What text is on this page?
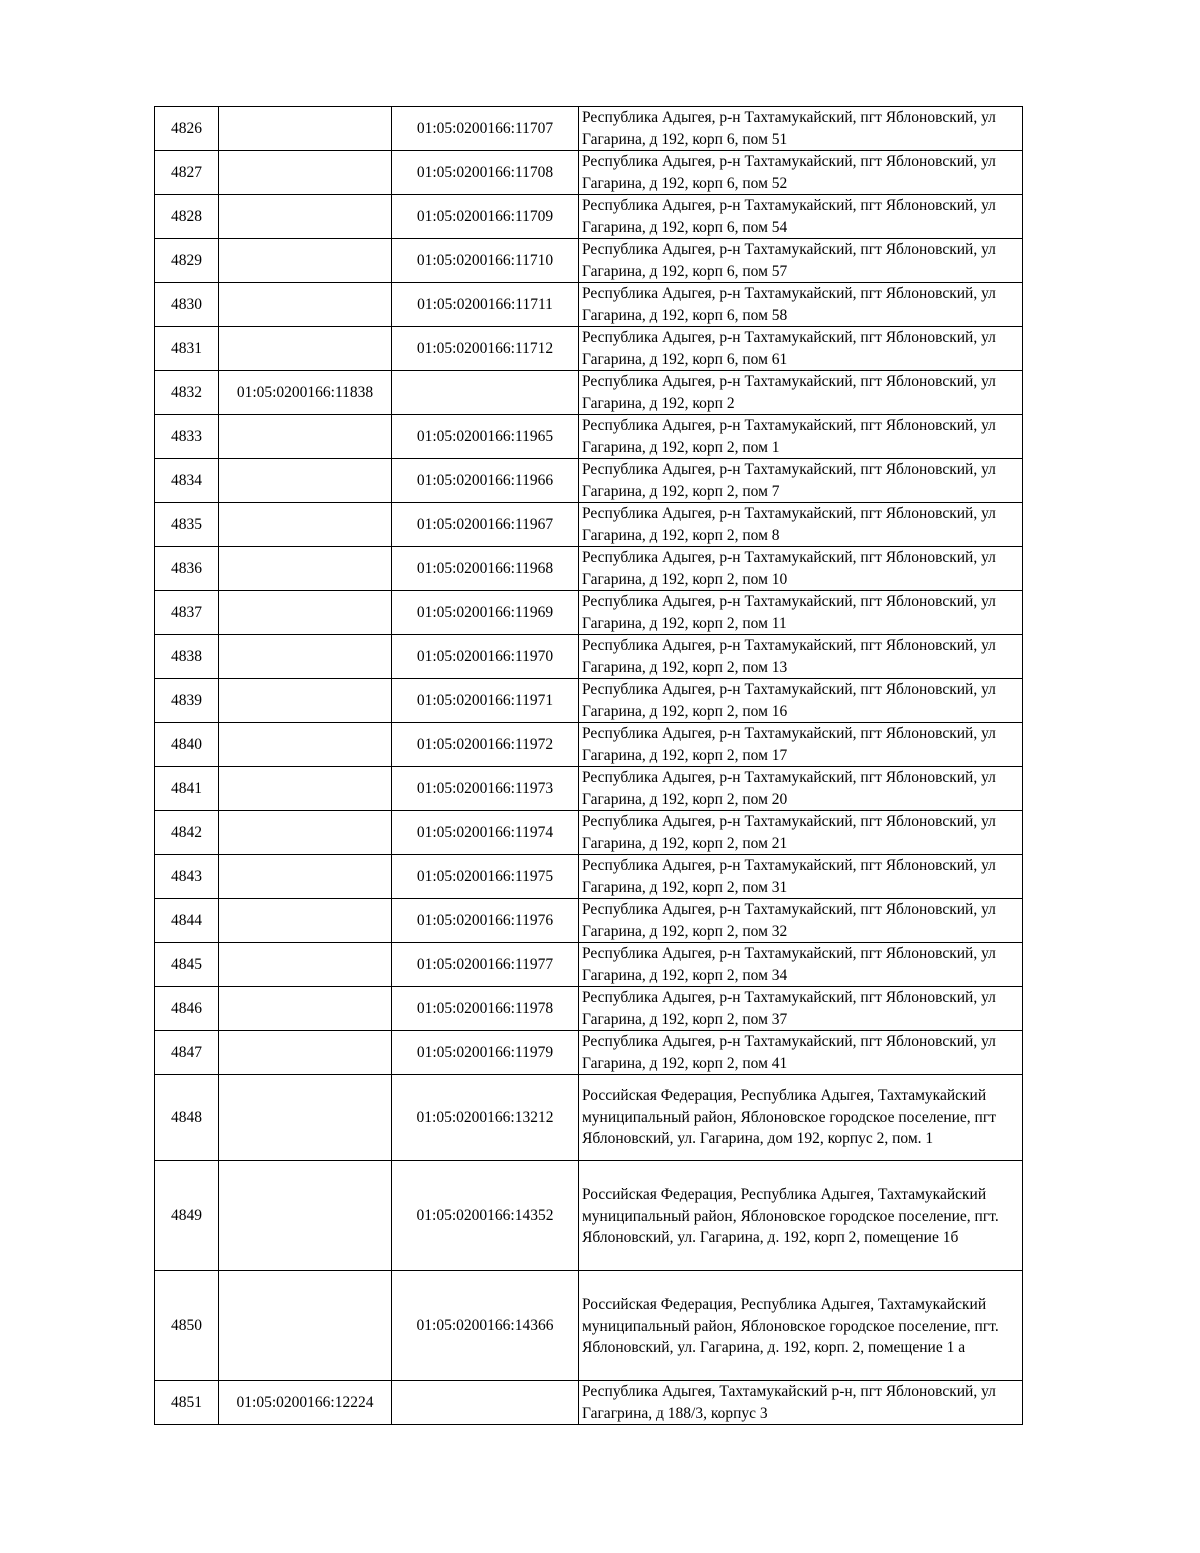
4826		01:05:0200166:11707	Республика Адыгея, р-н Тахтамукайский, пгт Яблоновский, ул Гагарина, д 192, корп 6, пом 51
4827		01:05:0200166:11708	Республика Адыгея, р-н Тахтамукайский, пгт Яблоновский, ул Гагарина, д 192, корп 6, пом 52
4828		01:05:0200166:11709	Республика Адыгея, р-н Тахтамукайский, пгт Яблоновский, ул Гагарина, д 192, корп 6, пом 54
4829		01:05:0200166:11710	Республика Адыгея, р-н Тахтамукайский, пгт Яблоновский, ул Гагарина, д 192, корп 6, пом 57
4830		01:05:0200166:11711	Республика Адыгея, р-н Тахтамукайский, пгт Яблоновский, ул Гагарина, д 192, корп 6, пом 58
4831		01:05:0200166:11712	Республика Адыгея, р-н Тахтамукайский, пгт Яблоновский, ул Гагарина, д 192, корп 6, пом 61
4832	01:05:0200166:11838		Республика Адыгея, р-н Тахтамукайский, пгт Яблоновский, ул Гагарина, д 192, корп 2
4833		01:05:0200166:11965	Республика Адыгея, р-н Тахтамукайский, пгт Яблоновский, ул Гагарина, д 192, корп 2, пом 1
4834		01:05:0200166:11966	Республика Адыгея, р-н Тахтамукайский, пгт Яблоновский, ул Гагарина, д 192, корп 2, пом 7
4835		01:05:0200166:11967	Республика Адыгея, р-н Тахтамукайский, пгт Яблоновский, ул Гагарина, д 192, корп 2, пом 8
4836		01:05:0200166:11968	Республика Адыгея, р-н Тахтамукайский, пгт Яблоновский, ул Гагарина, д 192, корп 2, пом 10
4837		01:05:0200166:11969	Республика Адыгея, р-н Тахтамукайский, пгт Яблоновский, ул Гагарина, д 192, корп 2, пом 11
4838		01:05:0200166:11970	Республика Адыгея, р-н Тахтамукайский, пгт Яблоновский, ул Гагарина, д 192, корп 2, пом 13
4839		01:05:0200166:11971	Республика Адыгея, р-н Тахтамукайский, пгт Яблоновский, ул Гагарина, д 192, корп 2, пом 16
4840		01:05:0200166:11972	Республика Адыгея, р-н Тахтамукайский, пгт Яблоновский, ул Гагарина, д 192, корп 2, пом 17
4841		01:05:0200166:11973	Республика Адыгея, р-н Тахтамукайский, пгт Яблоновский, ул Гагарина, д 192, корп 2, пом 20
4842		01:05:0200166:11974	Республика Адыгея, р-н Тахтамукайский, пгт Яблоновский, ул Гагарина, д 192, корп 2, пом 21
4843		01:05:0200166:11975	Республика Адыгея, р-н Тахтамукайский, пгт Яблоновский, ул Гагарина, д 192, корп 2, пом 31
4844		01:05:0200166:11976	Республика Адыгея, р-н Тахтамукайский, пгт Яблоновский, ул Гагарина, д 192, корп 2, пом 32
4845		01:05:0200166:11977	Республика Адыгея, р-н Тахтамукайский, пгт Яблоновский, ул Гагарина, д 192, корп 2, пом 34
4846		01:05:0200166:11978	Республика Адыгея, р-н Тахтамукайский, пгт Яблоновский, ул Гагарина, д 192, корп 2, пом 37
4847		01:05:0200166:11979	Республика Адыгея, р-н Тахтамукайский, пгт Яблоновский, ул Гагарина, д 192, корп 2, пом 41
4848		01:05:0200166:13212	Российская Федерация, Республика Адыгея, Тахтамукайский муниципальный район, Яблоновское городское поселение, пгт Яблоновский, ул. Гагарина, дом 192, корпус 2, пом. 1
4849		01:05:0200166:14352	Российская Федерация, Республика Адыгея, Тахтамукайский муниципальный район, Яблоновское городское поселение, пгт. Яблоновский, ул. Гагарина, д. 192, корп 2, помещение 1б
4850		01:05:0200166:14366	Российская Федерация, Республика Адыгея, Тахтамукайский муниципальный район, Яблоновское городское поселение, пгт. Яблоновский, ул. Гагарина, д. 192, корп. 2, помещение 1 а
4851	01:05:0200166:12224		Республика Адыгея, Тахтамукайский р-н, пгт Яблоновский, ул Гагагрина, д 188/3, корпус 3
